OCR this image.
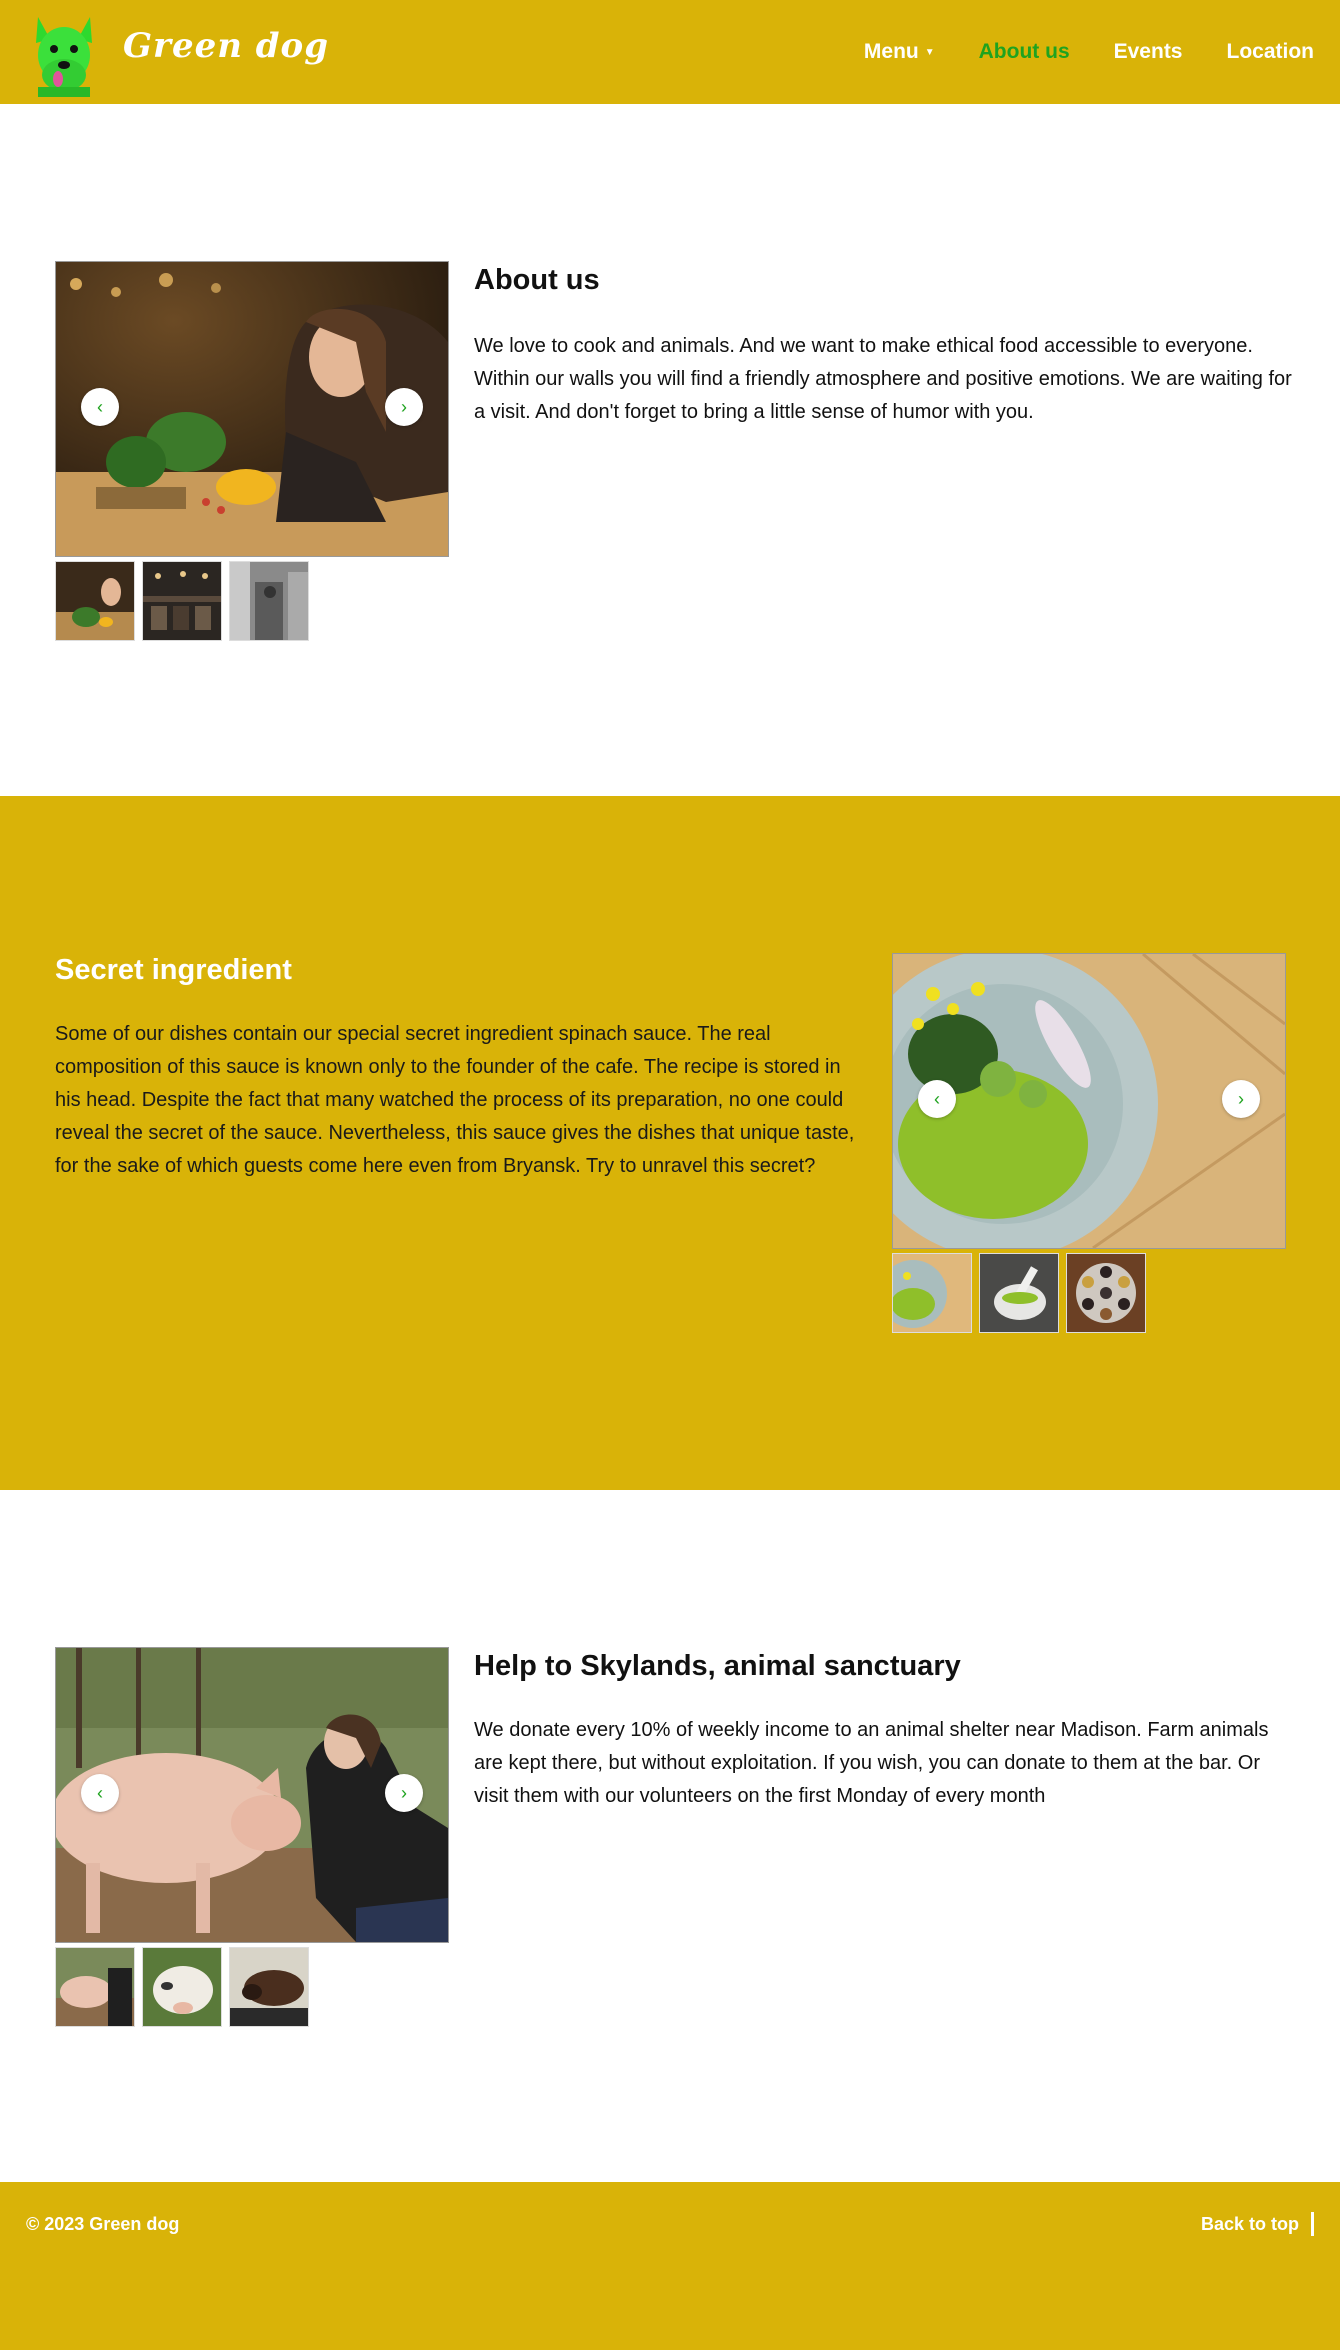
Green dog	Menu ▼ About us Events Location
‹	›
About us

We love to cook and animals. And we want to make ethical food accessible to everyone. Within our walls you will find a friendly atmosphere and positive emotions. We are waiting for a visit. And don't forget to bring a little sense of humor with you.

Secret ingredient

Some of our dishes contain our special secret ingredient spinach sauce. The real composition of this sauce is known only to the founder of the cafe. The recipe is stored in his head. Despite the fact that many watched the process of its preparation, no one could reveal the secret of the sauce. Nevertheless, this sauce gives the dishes that unique taste, for the sake of which guests come here even from Bryansk. Try to unravel this secret?

‹	›
‹	›
Help to Skylands, animal sanctuary

We donate every 10% of weekly income to an animal shelter near Madison. Farm animals are kept there, but without exploitation. If you wish, you can donate to them at the bar. Or visit them with our volunteers on the first Monday of every month

© 2023 Green dog	Back to top
